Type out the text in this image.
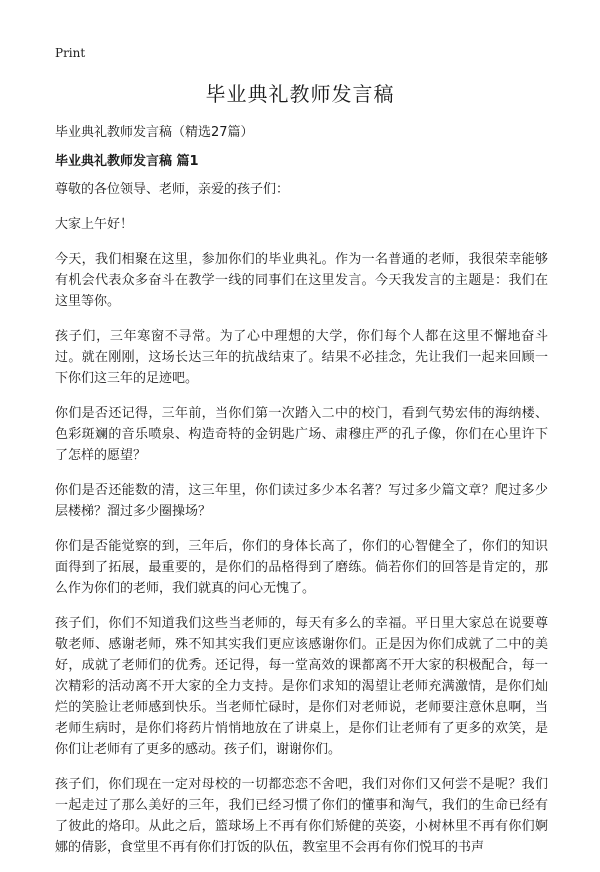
Print
毕业典礼教师发言稿
毕业典礼教师发言稿（精选27篇）
毕业典礼教师发言稿 篇1

尊敬的各位领导、老师，亲爱的孩子们：

大家上午好！

今天，我们相聚在这里，参加你们的毕业典礼。作为一名普通的老师，我很荣幸能够有机会代表众多奋斗在教学一线的同事们在这里发言。今天我发言的主题是：我们在这里等你。

孩子们，三年寒窗不寻常。为了心中理想的大学，你们每个人都在这里不懈地奋斗过。就在刚刚，这场长达三年的抗战结束了。结果不必挂念，先让我们一起来回顾一下你们这三年的足迹吧。

你们是否还记得，三年前，当你们第一次踏入二中的校门，看到气势宏伟的海纳楼、色彩斑斓的音乐喷泉、构造奇特的金钥匙广场、肃穆庄严的孔子像，你们在心里许下了怎样的愿望？

你们是否还能数的清，这三年里，你们读过多少本名著？写过多少篇文章？爬过多少层楼梯？溜过多少圈操场？

你们是否能觉察的到，三年后，你们的身体长高了，你们的心智健全了，你们的知识面得到了拓展，最重要的，是你们的品格得到了磨练。倘若你们的回答是肯定的，那么作为你们的老师，我们就真的问心无愧了。

孩子们，你们不知道我们这些当老师的，每天有多么的幸福。平日里大家总在说要尊敬老师、感谢老师，殊不知其实我们更应该感谢你们。正是因为你们成就了二中的美好，成就了老师们的优秀。还记得，每一堂高效的课都离不开大家的积极配合，每一次精彩的活动离不开大家的全力支持。是你们求知的渴望让老师充满激情，是你们灿烂的笑脸让老师感到快乐。当老师忙碌时，是你们对老师说，老师要注意休息啊，当老师生病时，是你们将药片悄悄地放在了讲桌上，是你们让老师有了更多的欢笑，是你们让老师有了更多的感动。孩子们，谢谢你们。

孩子们，你们现在一定对母校的一切都恋恋不舍吧，我们对你们又何尝不是呢？我们一起走过了那么美好的三年，我们已经习惯了你们的懂事和淘气，我们的生命已经有了彼此的烙印。从此之后，篮球场上不再有你们矫健的英姿，小树林里不再有你们婀娜的倩影，食堂里不再有你们打饭的队伍，教室里不会再有你们悦耳的书声
